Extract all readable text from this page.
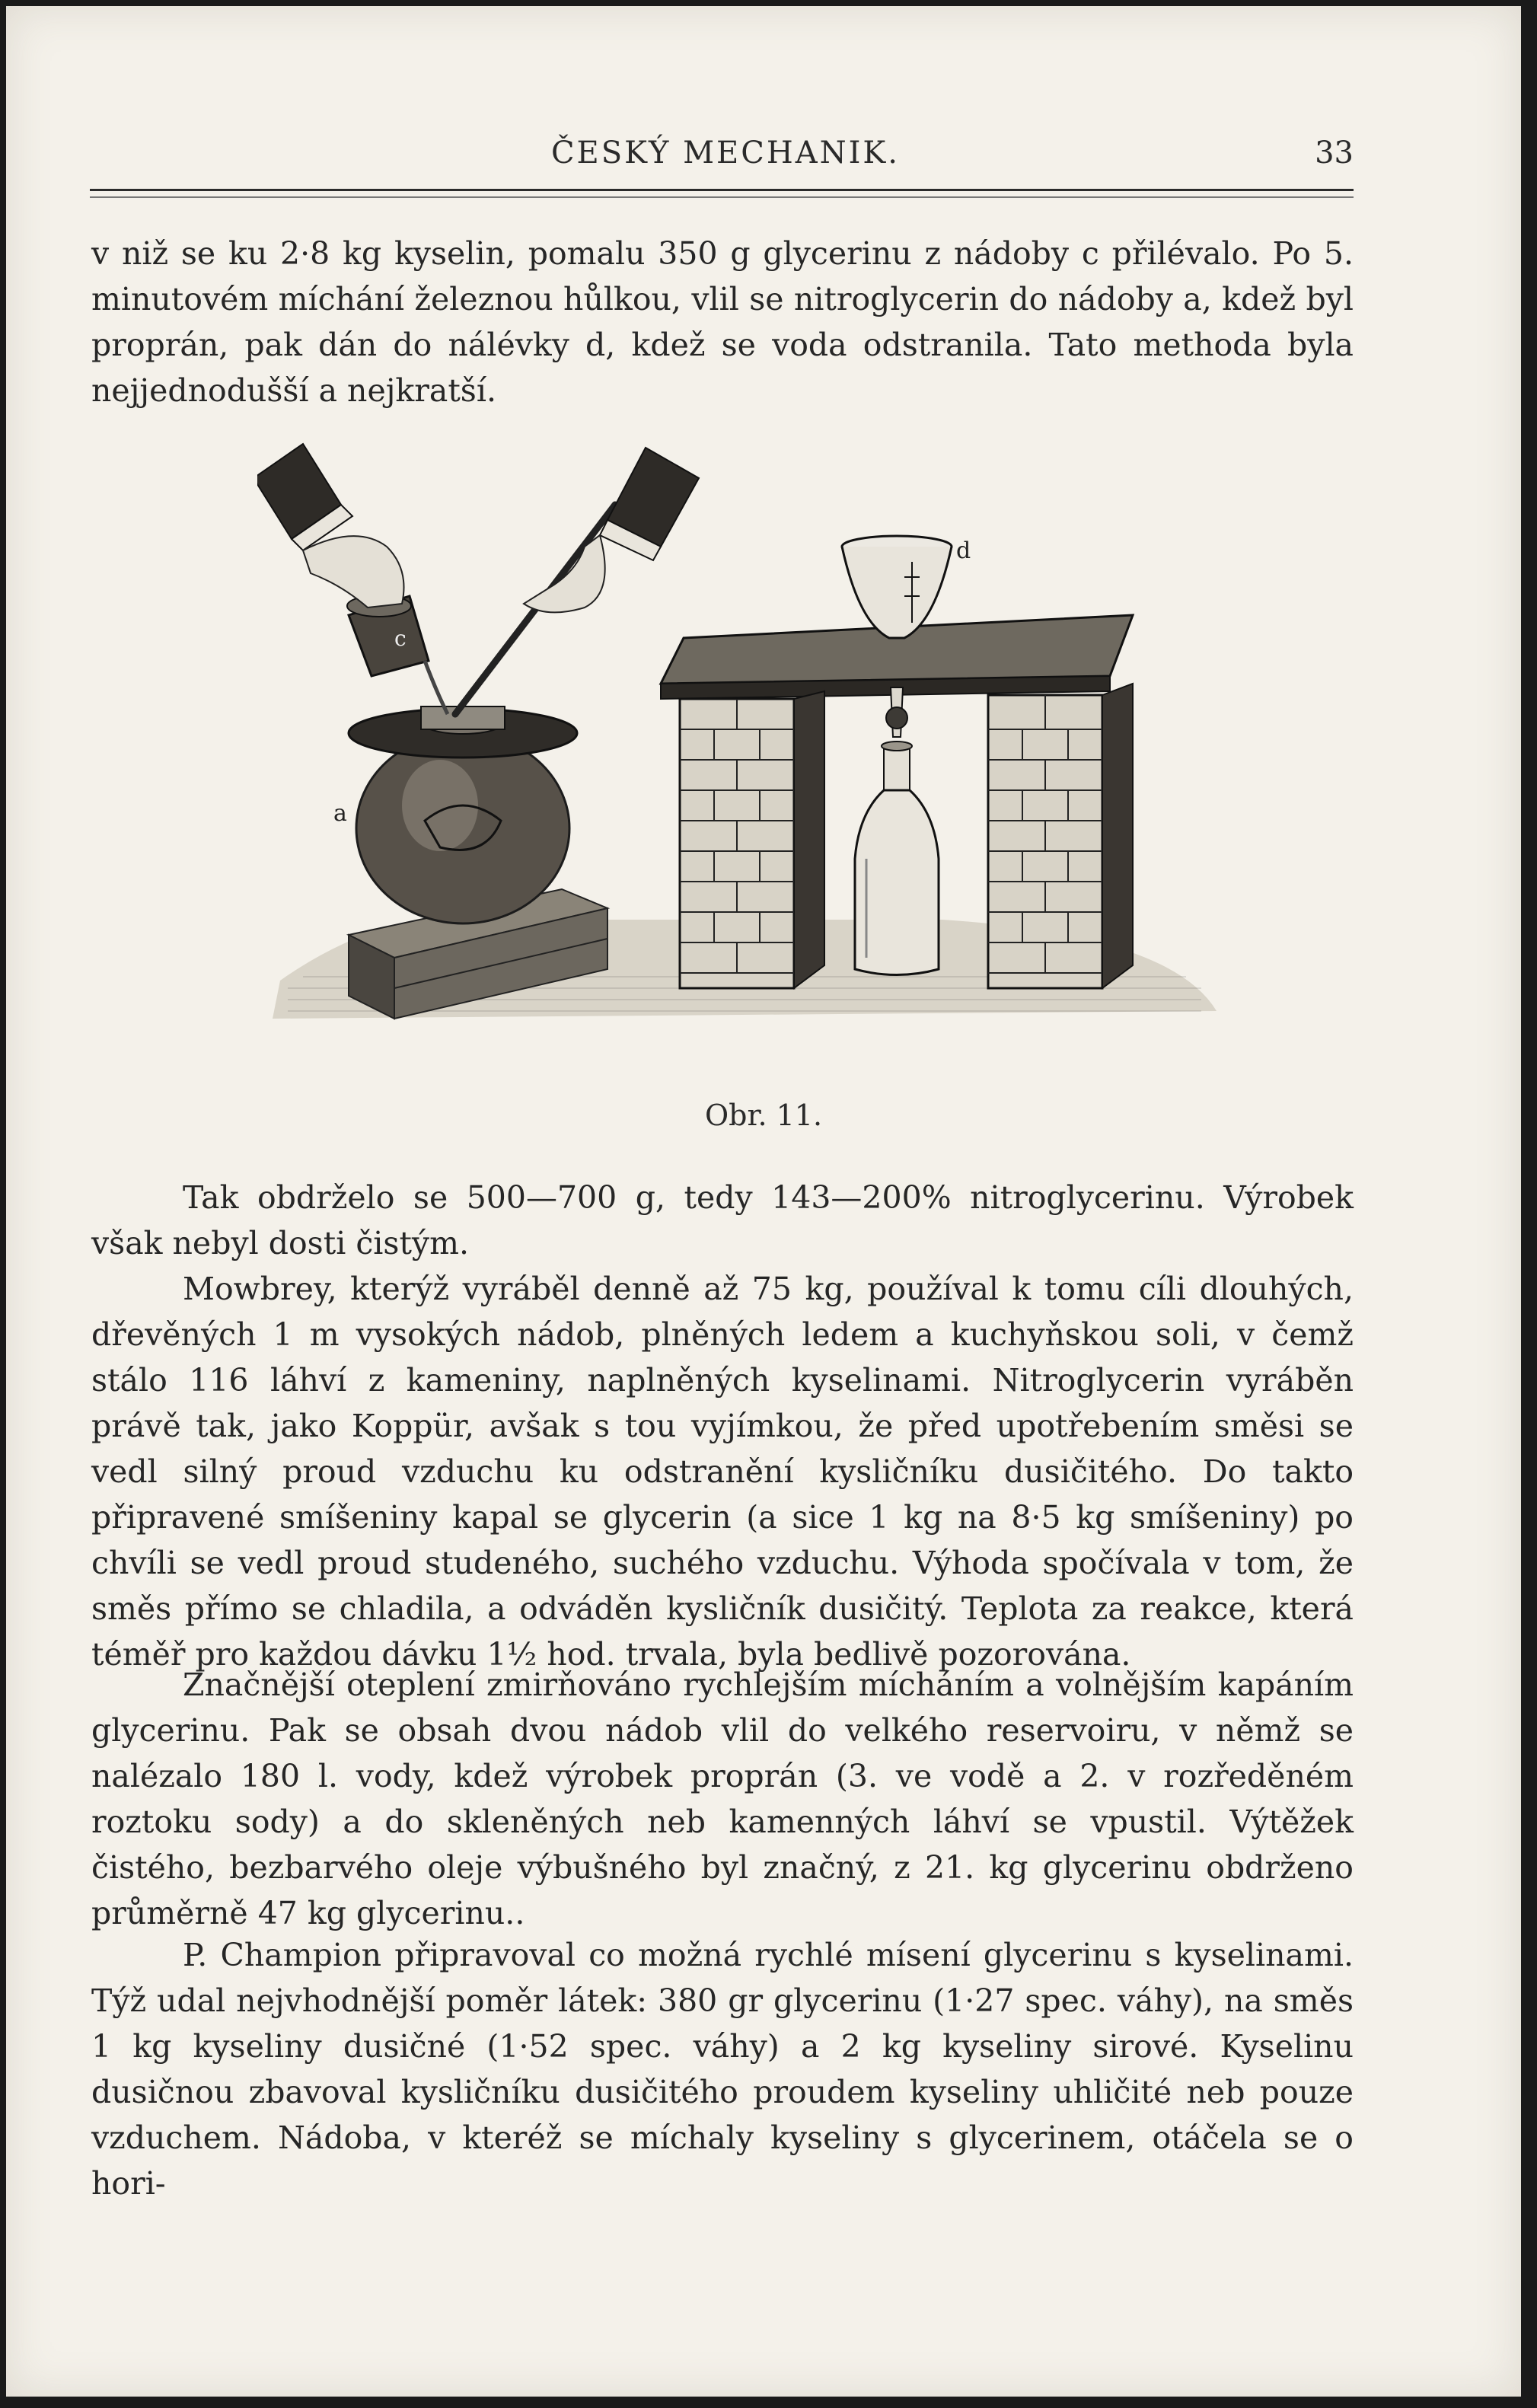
ČESKÝ MECHANIK.	33

v niž se ku 2·8 kg kyselin, pomalu 350 g glycerinu z nádoby c přilévalo. Po 5. minutovém míchání železnou hůlkou, vlil se nitroglycerin do nádoby a, kdež byl proprán, pak dán do nálévky d, kdež se voda odstranila. Tato methoda byla nejjednodušší a nejkratší.

a
c
d
Obr. 11.

Tak obdrželo se 500—700 g, tedy 143—200% nitroglycerinu. Výrobek však nebyl dosti čistým.

Mowbrey, kterýž vyráběl denně až 75 kg, používal k tomu cíli dlouhých, dřevěných 1 m vysokých nádob, plněných ledem a kuchyňskou soli, v čemž stálo 116 láhví z kameniny, naplněných kyselinami. Nitroglycerin vyráběn právě tak, jako Koppür, avšak s tou vyjímkou, že před upotřebením směsi se vedl silný proud vzduchu ku odstranění kysličníku dusičitého. Do takto připravené smíšeniny kapal se glycerin (a sice 1 kg na 8·5 kg smíšeniny) po chvíli se vedl proud studeného, suchého vzduchu. Výhoda spočívala v tom, že směs přímo se chladila, a odváděn kysličník dusičitý. Teplota za reakce, která téměř pro každou dávku 1½ hod. trvala, byla bedlivě pozorována.

Značnější oteplení zmirňováno rychlejším mícháním a volnějším kapáním glycerinu. Pak se obsah dvou nádob vlil do velkého reservoiru, v němž se nalézalo 180 l. vody, kdež výrobek proprán (3. ve vodě a 2. v rozředěném roztoku sody) a do skleněných neb kamenných láhví se vpustil. Výtěžek čistého, bezbarvého oleje výbušného byl značný, z 21. kg glycerinu obdrženo průměrně 47 kg glycerinu..

P. Champion připravoval co možná rychlé mísení glycerinu s kyselinami. Týž udal nejvhodnější poměr látek: 380 gr glycerinu (1·27 spec. váhy), na směs 1 kg kyseliny dusičné (1·52 spec. váhy) a 2 kg kyseliny sirové. Kyselinu dusičnou zbavoval kysličníku dusičitého proudem kyseliny uhličité neb pouze vzduchem. Nádoba, v kteréž se míchaly kyseliny s glycerinem, otáčela se o hori-
